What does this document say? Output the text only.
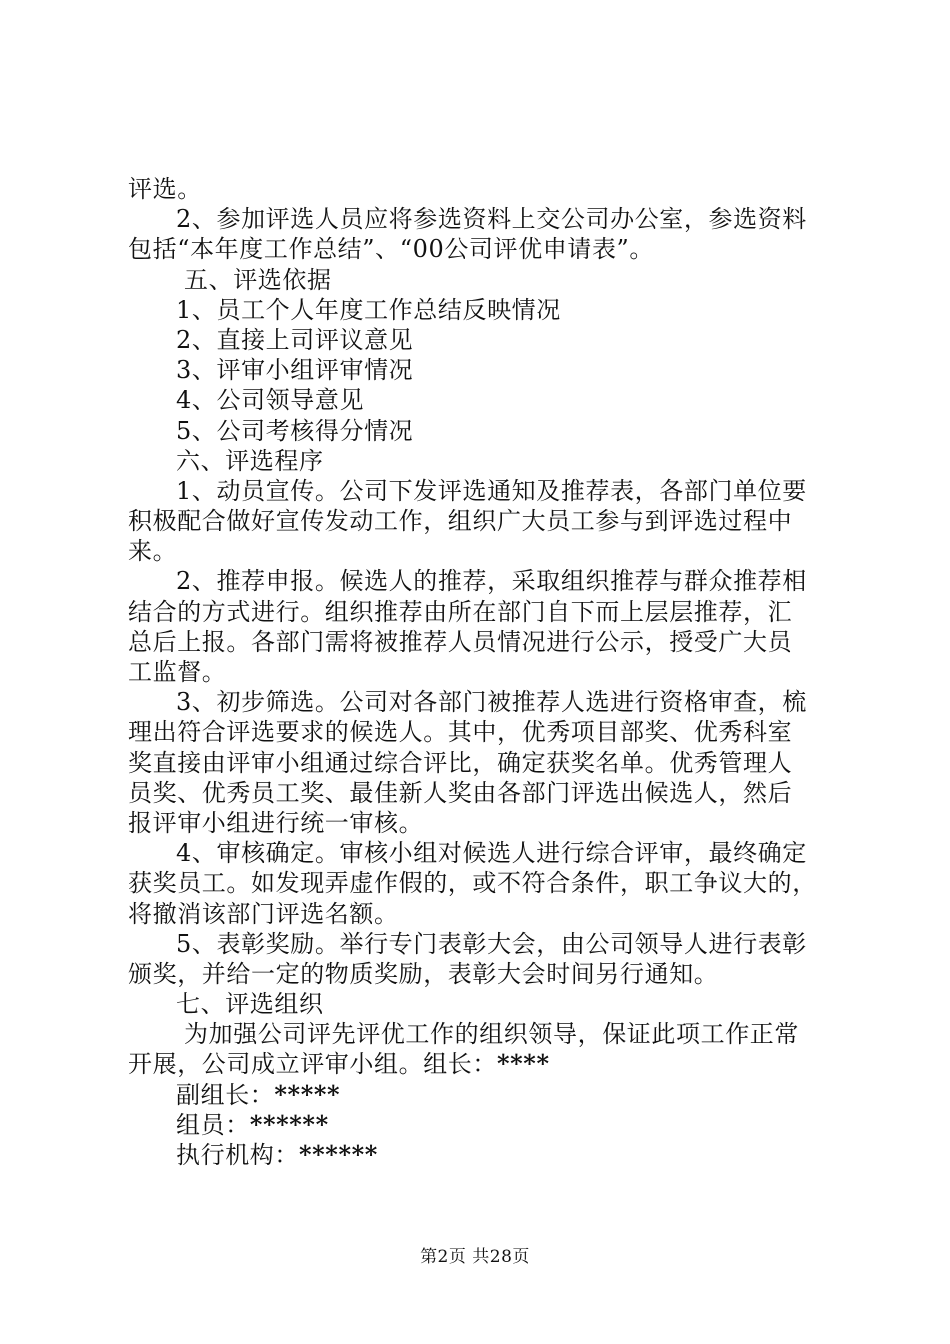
评选。
2、参加评选人员应将参选资料上交公司办公室，参选资料
包括“本年度工作总结”、“00公司评优申请表”。
五、评选依据
1、员工个人年度工作总结反映情况
2、直接上司评议意见
3、评审小组评审情况
4、公司领导意见
5、公司考核得分情况
六、评选程序
1、动员宣传。公司下发评选通知及推荐表，各部门单位要
积极配合做好宣传发动工作，组织广大员工参与到评选过程中
来。
2、推荐申报。候选人的推荐，采取组织推荐与群众推荐相
结合的方式进行。组织推荐由所在部门自下而上层层推荐，汇
总后上报。各部门需将被推荐人员情况进行公示，授受广大员
工监督。
3、初步筛选。公司对各部门被推荐人选进行资格审查，梳
理出符合评选要求的候选人。其中，优秀项目部奖、优秀科室
奖直接由评审小组通过综合评比，确定获奖名单。优秀管理人
员奖、优秀员工奖、最佳新人奖由各部门评选出候选人，然后
报评审小组进行统一审核。
4、审核确定。审核小组对候选人进行综合评审，最终确定
获奖员工。如发现弄虚作假的，或不符合条件，职工争议大的，
将撤消该部门评选名额。
5、表彰奖励。举行专门表彰大会，由公司领导人进行表彰
颁奖，并给一定的物质奖励，表彰大会时间另行通知。
七、评选组织
为加强公司评先评优工作的组织领导，保证此项工作正常
开展，公司成立评审小组。组长：****
副组长：*****
组员：******
执行机构：******
第2页 共28页
